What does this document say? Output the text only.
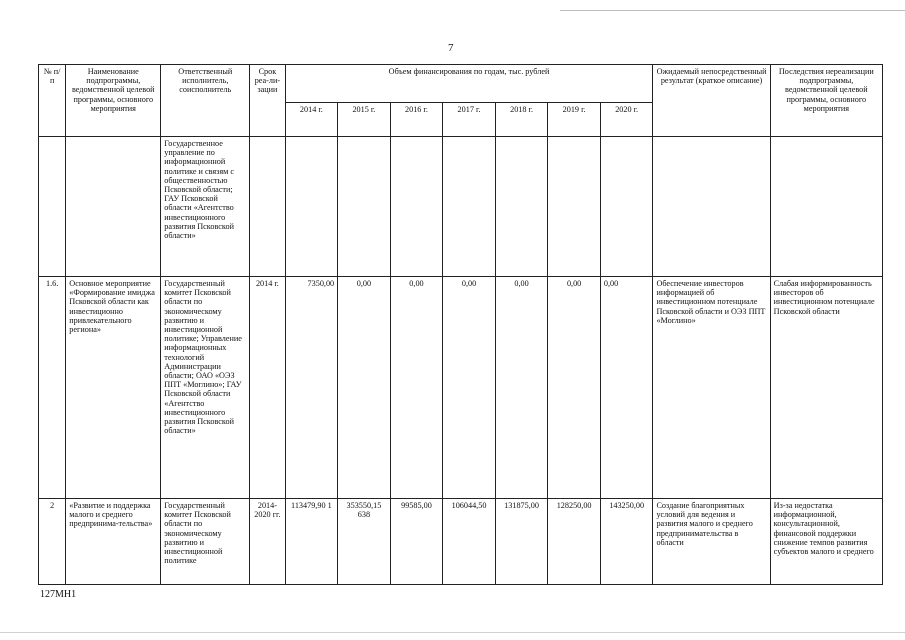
7
№ п/п	Наименование подпрограммы, ведомственной целевой программы, основного мероприятия	Ответственный исполнитель, соисполнитель	Срок реа-ли-зации	Объем финансирования по годам, тыс. рублей							Ожидаемый непосредственный результат (краткое описание)	Последствия нереализации подпрограммы, ведомственной целевой программы, основного мероприятия
				2014 г.	2015 г.	2016 г.	2017 г.	2018 г.	2019 г.	2020 г.		
		Государственное управление по информационной политике и связям с общественностью Псковской области; ГАУ Псковской области «Агентство инвестиционного развития Псковской области»										
1.6.	Основное мероприятие «Формирование имиджа Псковской области как инвестиционно привлекательного региона»	Государственный комитет Псковской области по экономическому развитию и инвестиционной политике; Управление информационных технологий Администрации области; ОАО «ОЭЗ ППТ «Моглино»; ГАУ Псковской области «Агентство инвестиционного развития Псковской области»	2014 г.	7350,00	0,00	0,00	0,00	0,00	0,00	0,00	Обеспечение инвесторов информацией об инвестиционном потенциале Псковской области и ОЭЗ ППТ «Моглино»	Слабая информированность инвесторов об инвестиционном потенциале Псковской области
2	«Развитие и поддержка малого и среднего предпринима-тельства»	Государственный комитет Псковской области по экономическому развитию и инвестиционной политике	2014-2020 гг.	113479,90 1	353550,15 638	99585,00	106044,50	131875,00	128250,00	143250,00	Создание благоприятных условий для ведения и развития малого и среднего предпринимательства в области	Из-за недостатка информационной, консультационной, финансовой поддержки снижение темпов развития субъектов малого и среднего
127МН1
